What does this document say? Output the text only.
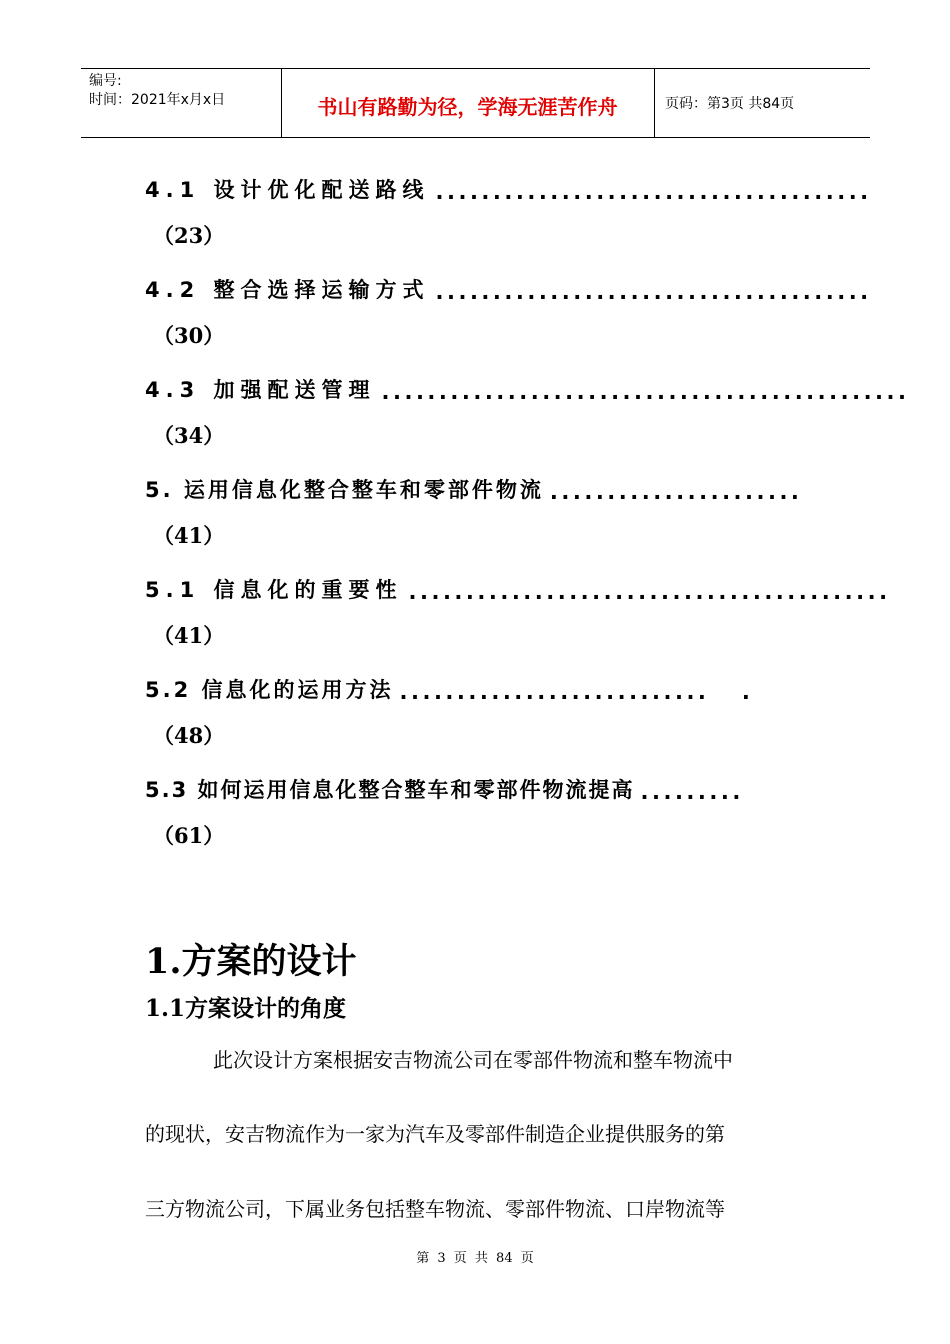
编号:
时间：2021年x月x日	书山有路勤为径，学海无涯苦作舟	页码：第3页 共84页
4.1 设计优化配送路线 ......................................
（23）
4.2 整合选择运输方式 ......................................
（30）
4.3 加强配送管理 ..............................................
（34）
5. 运用信息化整合整车和零部件物流 ......................
（41）
5.1 信息化的重要性 ..........................................
（41）
5.2 信息化的运用方法 ...........................   .
（48）
5.3 如何运用信息化整合整车和零部件物流提高 .........
（61）
1.方案的设计
1.1方案设计的角度
此次设计方案根据安吉物流公司在零部件物流和整车物流中
的现状，安吉物流作为一家为汽车及零部件制造企业提供服务的第
三方物流公司，下属业务包括整车物流、零部件物流、口岸物流等
第 3 页 共 84 页
